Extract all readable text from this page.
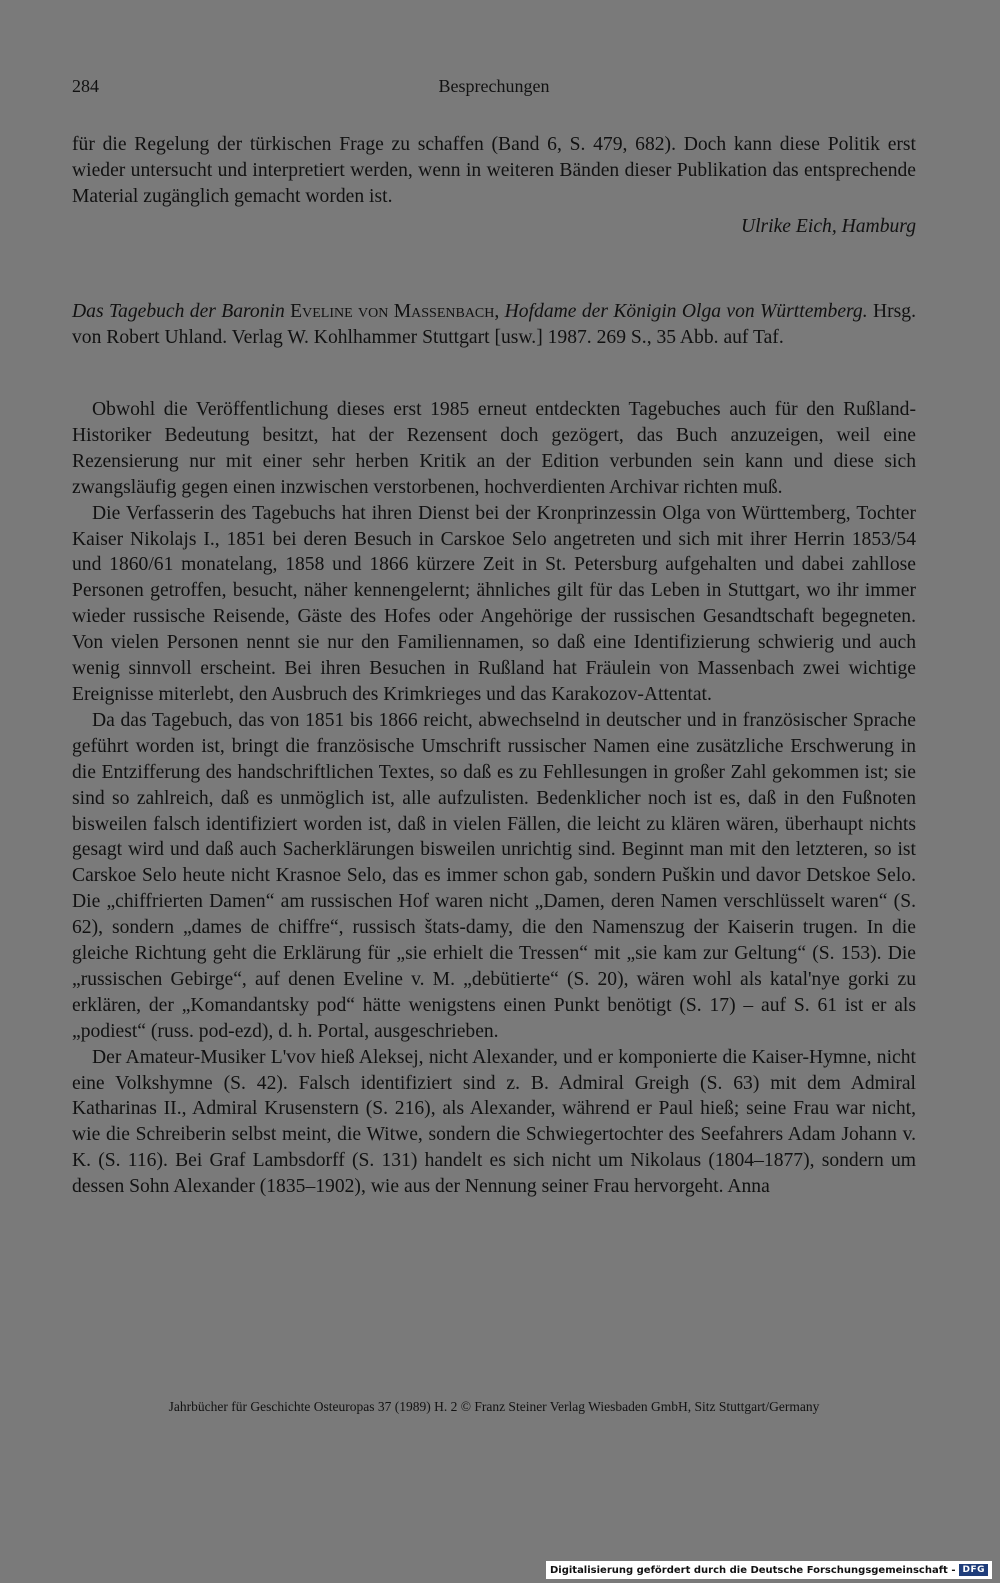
284	Besprechungen
für die Regelung der türkischen Frage zu schaffen (Band 6, S. 479, 682). Doch kann diese Politik erst wieder untersucht und interpretiert werden, wenn in weiteren Bänden dieser Publikation das entsprechende Material zugänglich gemacht worden ist.
Ulrike Eich, Hamburg
Das Tagebuch der Baronin Eveline von Massenbach, Hofdame der Königin Olga von Württemberg. Hrsg. von Robert Uhland. Verlag W. Kohlhammer Stuttgart [usw.] 1987. 269 S., 35 Abb. auf Taf.

Obwohl die Veröffentlichung dieses erst 1985 erneut entdeckten Tagebuches auch für den Rußland-Historiker Bedeutung besitzt, hat der Rezensent doch gezögert, das Buch anzuzeigen, weil eine Rezensierung nur mit einer sehr herben Kritik an der Edition verbunden sein kann und diese sich zwangsläufig gegen einen inzwischen verstorbenen, hochverdienten Archivar richten muß.

Die Verfasserin des Tagebuchs hat ihren Dienst bei der Kronprinzessin Olga von Württemberg, Tochter Kaiser Nikolajs I., 1851 bei deren Besuch in Carskoe Selo angetreten und sich mit ihrer Herrin 1853/54 und 1860/61 monatelang, 1858 und 1866 kürzere Zeit in St. Petersburg aufgehalten und dabei zahllose Personen getroffen, besucht, näher kennengelernt; ähnliches gilt für das Leben in Stuttgart, wo ihr immer wieder russische Reisende, Gäste des Hofes oder Angehörige der russischen Gesandtschaft begegneten. Von vielen Personen nennt sie nur den Familiennamen, so daß eine Identifizierung schwierig und auch wenig sinnvoll erscheint. Bei ihren Besuchen in Rußland hat Fräulein von Massenbach zwei wichtige Ereignisse miterlebt, den Ausbruch des Krimkrieges und das Karakozov-Attentat.

Da das Tagebuch, das von 1851 bis 1866 reicht, abwechselnd in deutscher und in französischer Sprache geführt worden ist, bringt die französische Umschrift russischer Namen eine zusätzliche Erschwerung in die Entzifferung des handschriftlichen Textes, so daß es zu Fehllesungen in großer Zahl gekommen ist; sie sind so zahlreich, daß es unmöglich ist, alle aufzulisten. Bedenklicher noch ist es, daß in den Fußnoten bisweilen falsch identifiziert worden ist, daß in vielen Fällen, die leicht zu klären wären, überhaupt nichts gesagt wird und daß auch Sacherklärungen bisweilen unrichtig sind. Beginnt man mit den letzteren, so ist Carskoe Selo heute nicht Krasnoe Selo, das es immer schon gab, sondern Puškin und davor Detskoe Selo. Die „chiffrierten Damen“ am russischen Hof waren nicht „Damen, deren Namen verschlüsselt waren“ (S. 62), sondern „dames de chiffre“, russisch štats-damy, die den Namenszug der Kaiserin trugen. In die gleiche Richtung geht die Erklärung für „sie erhielt die Tressen“ mit „sie kam zur Geltung“ (S. 153). Die „russischen Gebirge“, auf denen Eveline v. M. „debütierte“ (S. 20), wären wohl als katal'nye gorki zu erklären, der „Komandantsky pod“ hätte wenigstens einen Punkt benötigt (S. 17) – auf S. 61 ist er als „podiest“ (russ. pod-ezd), d. h. Portal, ausgeschrieben.

Der Amateur-Musiker L'vov hieß Aleksej, nicht Alexander, und er komponierte die Kaiser-Hymne, nicht eine Volkshymne (S. 42). Falsch identifiziert sind z. B. Admiral Greigh (S. 63) mit dem Admiral Katharinas II., Admiral Krusenstern (S. 216), als Alexander, während er Paul hieß; seine Frau war nicht, wie die Schreiberin selbst meint, die Witwe, sondern die Schwiegertochter des Seefahrers Adam Johann v. K. (S. 116). Bei Graf Lambsdorff (S. 131) handelt es sich nicht um Nikolaus (1804–1877), sondern um dessen Sohn Alexander (1835–1902), wie aus der Nennung seiner Frau hervorgeht. Anna

Jahrbücher für Geschichte Osteuropas 37 (1989) H. 2 © Franz Steiner Verlag Wiesbaden GmbH, Sitz Stuttgart/Germany
Digitalisierung gefördert durch die Deutsche Forschungsgemeinschaft - DFG
